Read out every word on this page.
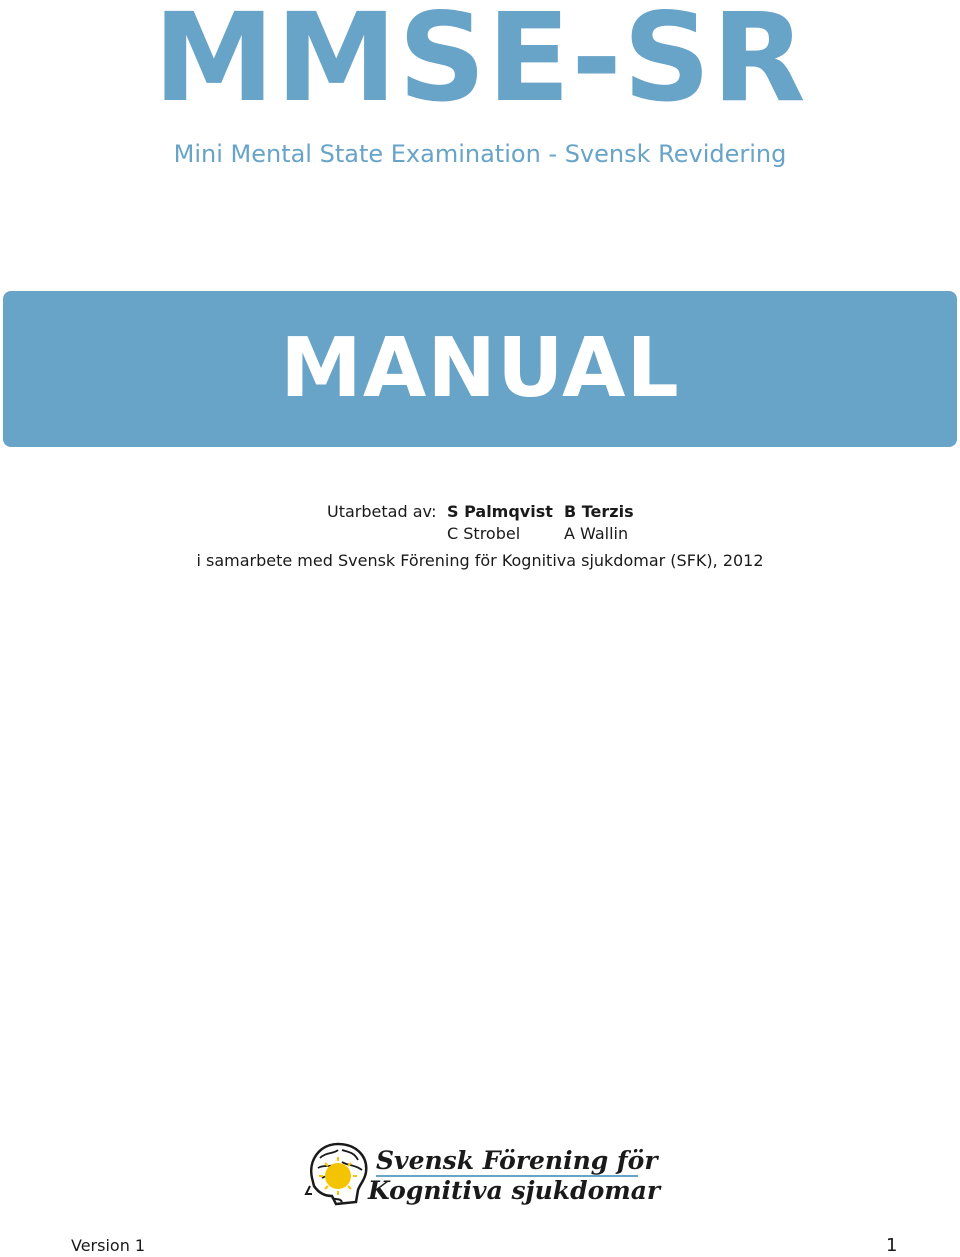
MMSE-SR
Mini Mental State Examination - Svensk Revidering
MANUAL
Utarbetad av: S Palmqvist B Terzis
C Strobel	A Wallin
i samarbete med Svensk Förening för Kognitiva sjukdomar (SFK), 2012
Svensk Förening för
Kognitiva sjukdomar
Version 1	1
